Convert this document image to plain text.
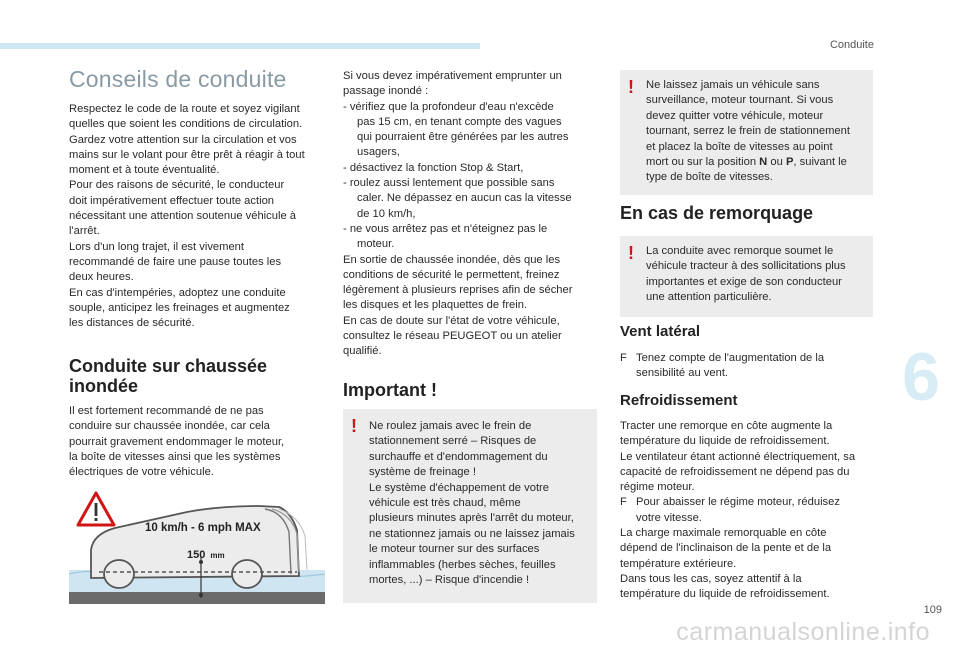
Conduite
6
109
carmanualsonline.info
Conseils de conduite
Respectez le code de la route et soyez vigilant
quelles que soient les conditions de circulation.
Gardez votre attention sur la circulation et vos
mains sur le volant pour être prêt à réagir à tout
moment et à toute éventualité.
Pour des raisons de sécurité, le conducteur
doit impérativement effectuer toute action
nécessitant une attention soutenue véhicule à
l'arrêt.
Lors d'un long trajet, il est vivement
recommandé de faire une pause toutes les
deux heures.
En cas d'intempéries, adoptez une conduite
souple, anticipez les freinages et augmentez
les distances de sécurité.
Conduite sur chaussée
inondée
Il est fortement recommandé de ne pas
conduire sur chaussée inondée, car cela
pourrait gravement endommager le moteur,
la boîte de vitesses ainsi que les systèmes
électriques de votre véhicule.
10 km/h - 6 mph MAX
150 mm
Si vous devez impérativement emprunter un
passage inondé :
- vérifiez que la profondeur d'eau n'excède
pas 15 cm, en tenant compte des vagues
qui pourraient être générées par les autres
usagers,
- désactivez la fonction Stop & Start,
- roulez aussi lentement que possible sans
caler. Ne dépassez en aucun cas la vitesse
de 10 km/h,
- ne vous arrêtez pas et n'éteignez pas le
moteur.
En sortie de chaussée inondée, dès que les
conditions de sécurité le permettent, freinez
légèrement à plusieurs reprises afin de sécher
les disques et les plaquettes de frein.
En cas de doute sur l'état de votre véhicule,
consultez le réseau PEUGEOT ou un atelier
qualifié.
Important !
! Ne roulez jamais avec le frein de
stationnement serré – Risques de
surchauffe et d'endommagement du
système de freinage !
Le système d'échappement de votre
véhicule est très chaud, même
plusieurs minutes après l'arrêt du moteur,
ne stationnez jamais ou ne laissez jamais
le moteur tourner sur des surfaces
inflammables (herbes sèches, feuilles
mortes, ...) – Risque d'incendie !
! Ne laissez jamais un véhicule sans
surveillance, moteur tournant. Si vous
devez quitter votre véhicule, moteur
tournant, serrez le frein de stationnement
et placez la boîte de vitesses au point
mort ou sur la position N ou P, suivant le
type de boîte de vitesses.
En cas de remorquage
! La conduite avec remorque soumet le
véhicule tracteur à des sollicitations plus
importantes et exige de son conducteur
une attention particulière.
Vent latéral
F Tenez compte de l'augmentation de la
sensibilité au vent.
Refroidissement
Tracter une remorque en côte augmente la
température du liquide de refroidissement.
Le ventilateur étant actionné électriquement, sa
capacité de refroidissement ne dépend pas du
régime moteur.
F Pour abaisser le régime moteur, réduisez
votre vitesse.
La charge maximale remorquable en côte
dépend de l'inclinaison de la pente et de la
température extérieure.
Dans tous les cas, soyez attentif à la
température du liquide de refroidissement.
